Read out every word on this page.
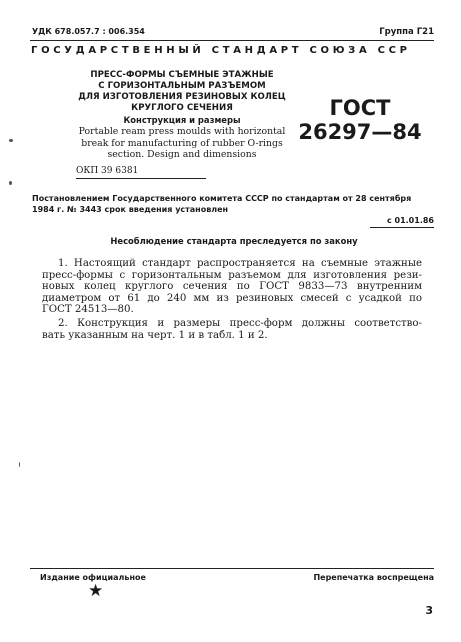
УДК 678.057.7 : 006.354	Группа Г21
ГОСУДАРСТВЕННЫЙ СТАНДАРТ СОЮЗА ССР
ПРЕСС-ФОРМЫ СЪЕМНЫЕ ЭТАЖНЫЕ
С ГОРИЗОНТАЛЬНЫМ РАЗЪЕМОМ
ДЛЯ ИЗГОТОВЛЕНИЯ РЕЗИНОВЫХ КОЛЕЦ
КРУГЛОГО СЕЧЕНИЯ
Конструкция и размеры
Portable ream press moulds with horizontal
break for manufacturing of rubber O-rings
section. Design and dimensions
ГОСТ
26297—84
ОКП 39 6381
Постановлением Государственного комитета СССР по стандартам от 28 сентября 1984 г. № 3443 срок введения установлен
с 01.01.86
Несоблюдение стандарта преследуется по закону
1. Настоящий стандарт распространяется на съемные этажные
пресс-формы с горизонтальным разъемом для изготовления рези-
новых колец круглого сечения по ГОСТ 9833—73 внутренним
диаметром от 61 до 240 мм из резиновых смесей с усадкой по
ГОСТ 24513—80.
2. Конструкция и размеры пресс-форм должны соответство-
вать указанным на черт. 1 и в табл. 1 и 2.
Издание официальное	Перепечатка воспрещена
★
3
